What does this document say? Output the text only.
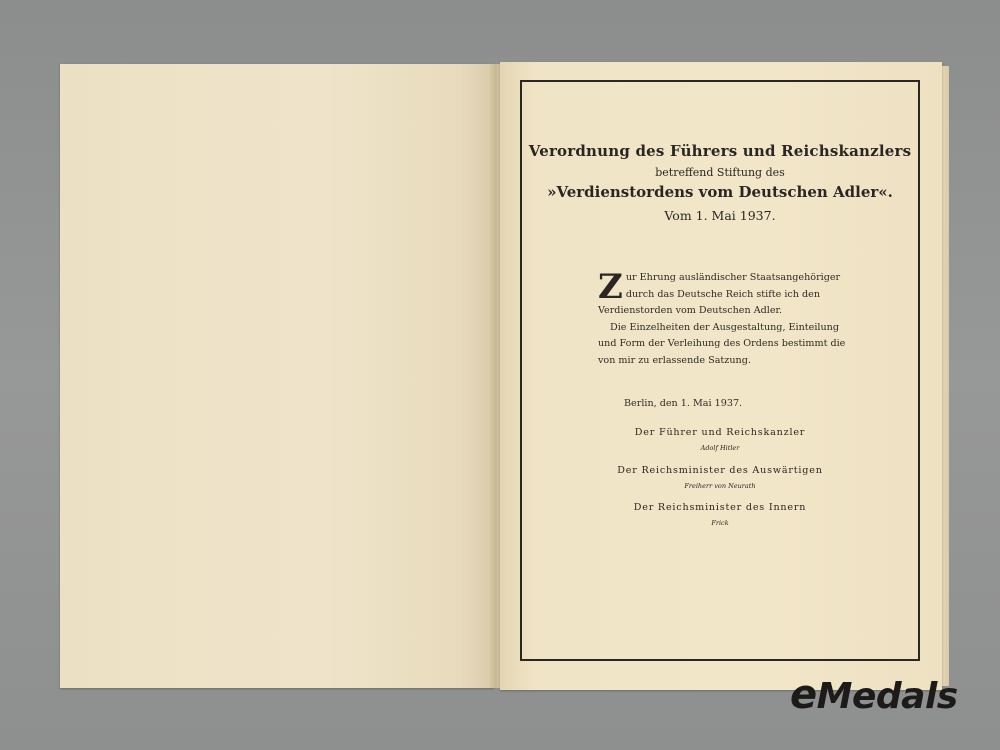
Verordnung des Führers und Reichskanzlers
betreffend Stiftung des
»Verdienstordens vom Deutschen Adler«.
Vom 1. Mai 1937.

Zur Ehrung ausländischer Staatsangehöriger durch das Deutsche Reich stifte ich den Verdienstorden vom Deutschen Adler.

Die Einzelheiten der Ausgestaltung, Einteilung und Form der Verleihung des Ordens bestimmt die von mir zu erlassende Satzung.

Berlin, den 1. Mai 1937.
Der Führer und Reichskanzler
Adolf Hitler
Der Reichsminister des Auswärtigen
Freiherr von Neurath
Der Reichsminister des Innern
Frick
eMedals
